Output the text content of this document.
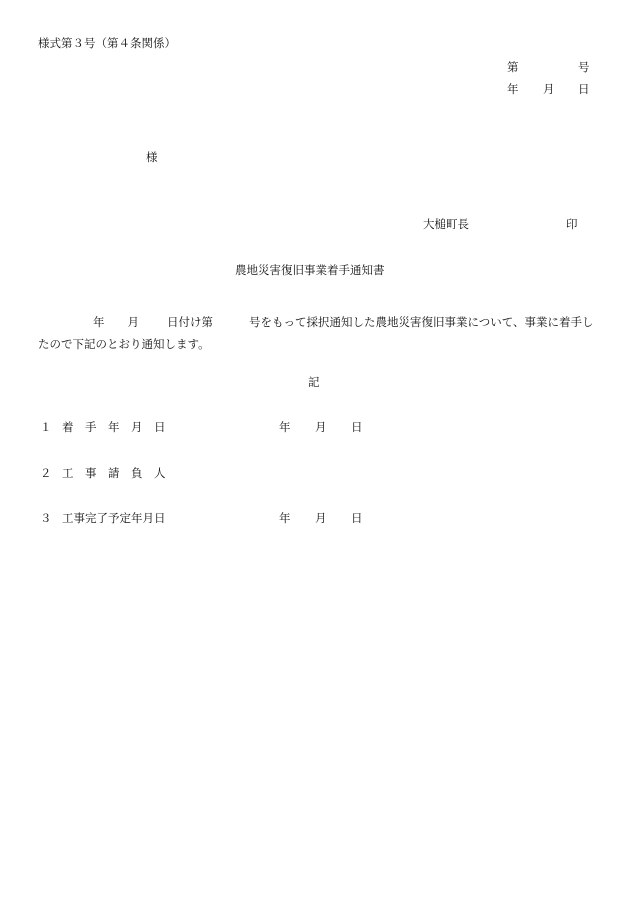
様式第３号（第４条関係）
第	号
年 月 日
様
大槌町長	印
農地災害復旧事業着手通知書

年 月 日付け第	号をもって採択通知した農地災害復旧事業について、事業に着手したので下記のとおり通知します。

記
１ 着　手　年　月　日	年 月 日
２ 工　事　請　負　人
３ 工事完了予定年月日	年 月 日
